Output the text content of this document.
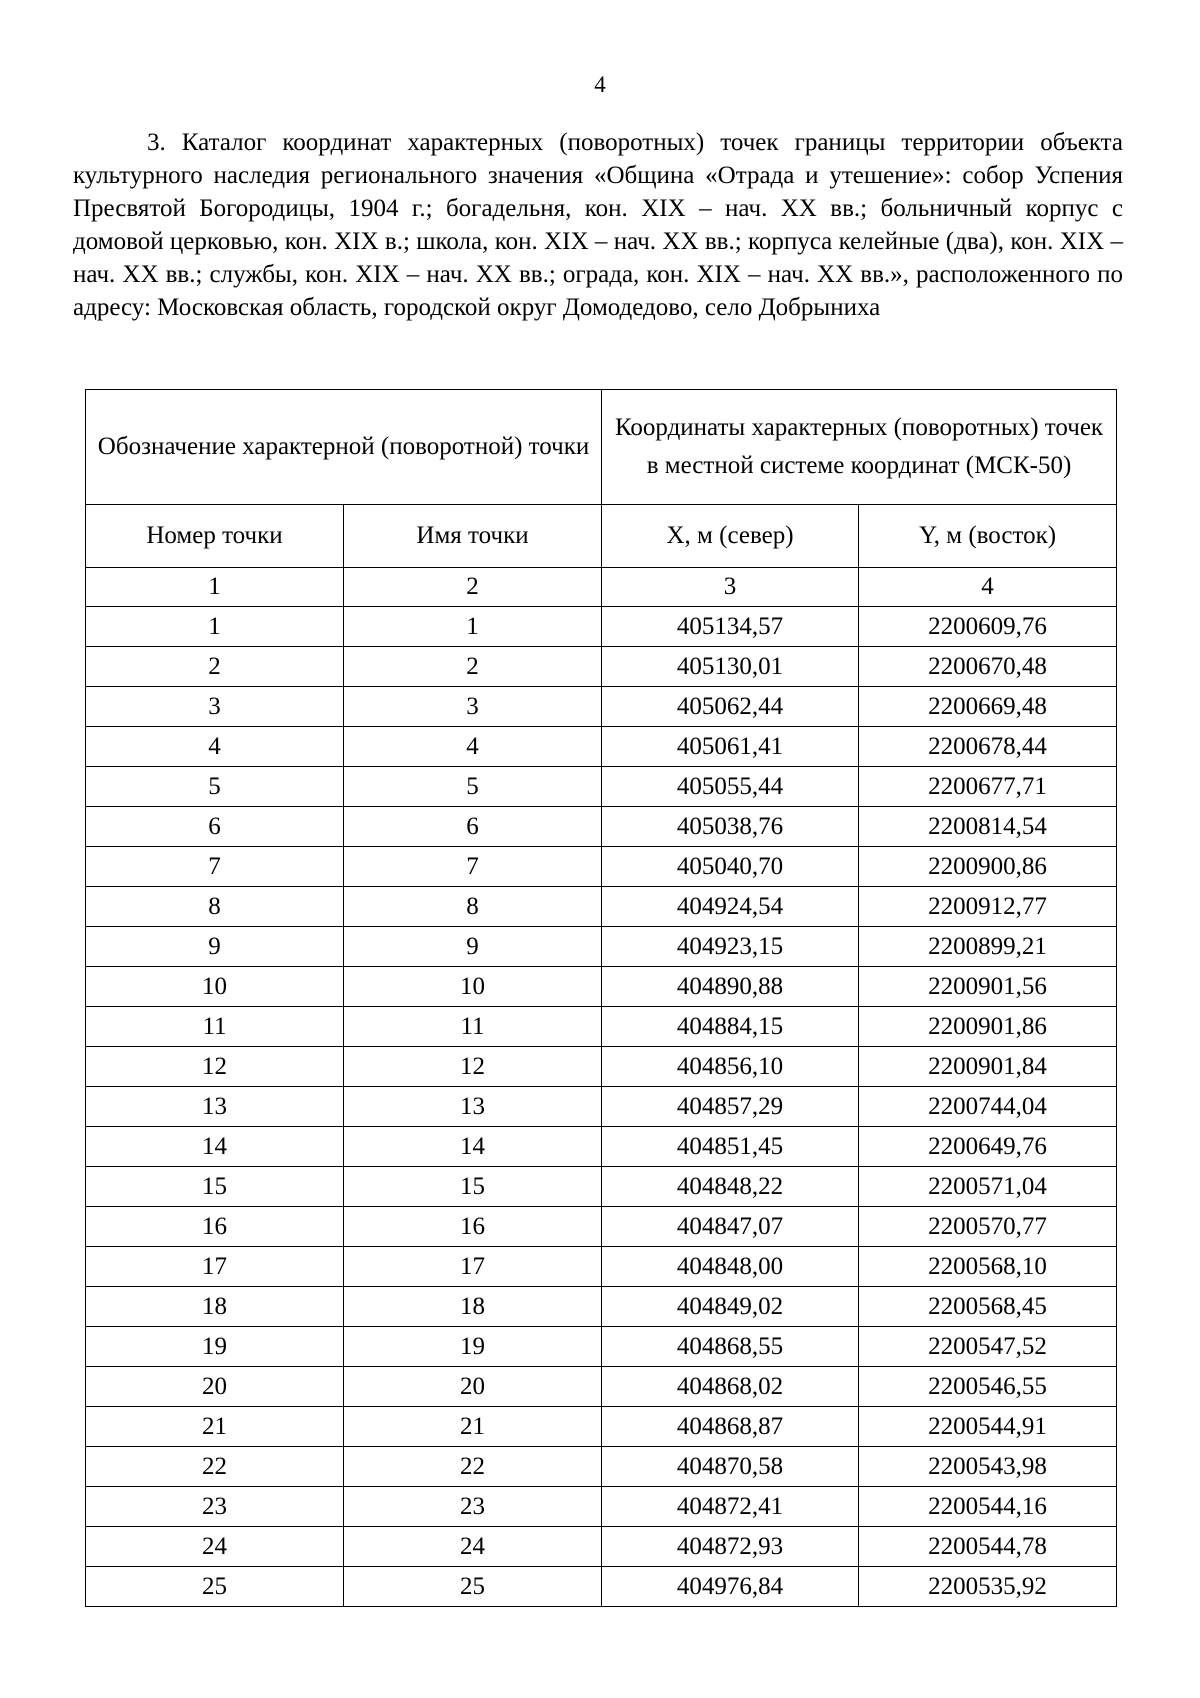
4

3. Каталог координат характерных (поворотных) точек границы территории объекта культурного наследия регионального значения «Община «Отрада и утешение»: собор Успения Пресвятой Богородицы, 1904 г.; богадельня, кон. XIX – нач. XX вв.; больничный корпус с домовой церковью, кон. XIX в.; школа, кон. XIX – нач. XX вв.; корпуса келейные (два), кон. XIX – нач. XX вв.; службы, кон. XIX – нач. XX вв.; ограда, кон. XIX – нач. XX вв.», расположенного по адресу: Московская область, городской округ Домодедово, село Добрыниха

Обозначение характерной (поворотной) точки		Координаты характерных (поворотных) точек в местной системе координат (МСК-50)	
Номер точки	Имя точки	X, м (север)	Y, м (восток)
1	2	3	4
1	1	405134,57	2200609,76
2	2	405130,01	2200670,48
3	3	405062,44	2200669,48
4	4	405061,41	2200678,44
5	5	405055,44	2200677,71
6	6	405038,76	2200814,54
7	7	405040,70	2200900,86
8	8	404924,54	2200912,77
9	9	404923,15	2200899,21
10	10	404890,88	2200901,56
11	11	404884,15	2200901,86
12	12	404856,10	2200901,84
13	13	404857,29	2200744,04
14	14	404851,45	2200649,76
15	15	404848,22	2200571,04
16	16	404847,07	2200570,77
17	17	404848,00	2200568,10
18	18	404849,02	2200568,45
19	19	404868,55	2200547,52
20	20	404868,02	2200546,55
21	21	404868,87	2200544,91
22	22	404870,58	2200543,98
23	23	404872,41	2200544,16
24	24	404872,93	2200544,78
25	25	404976,84	2200535,92
